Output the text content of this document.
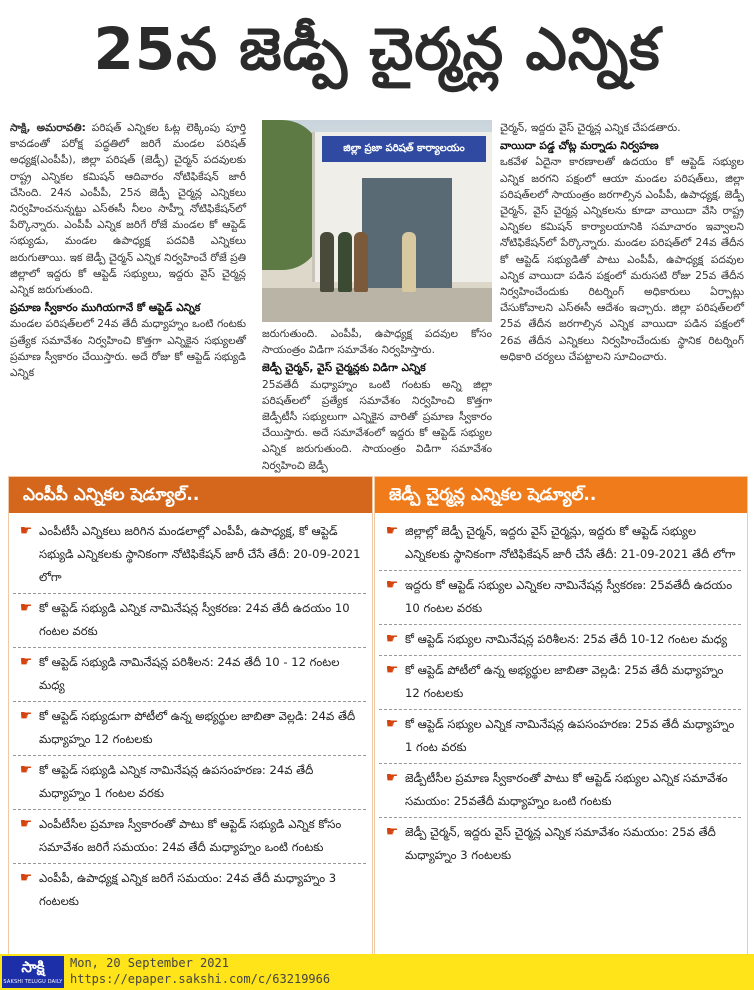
25న జెడ్పీ చైర్మన్ల ఎన్నిక

సాక్షి, అమరావతి: పరిషత్ ఎన్నికల ఓట్ల లెక్కింపు పూర్తి కావడంతో పరోక్ష పద్ధతిలో జరిగే మండల పరిషత్ అధ్యక్ష(ఎంపీపీ), జిల్లా పరిషత్ (జెడ్పీ) చైర్మన్ పదవులకు రాష్ట్ర ఎన్నికల కమిషన్ ఆదివారం నోటిఫికేషన్ జారీ చేసింది. 24న ఎంపీపీ, 25న జెడ్పీ చైర్మన్ల ఎన్నికలు నిర్వహించనున్నట్టు ఎస్ఈసీ నీలం సాహ్నీ నోటిఫికేషన్‌లో పేర్కొన్నారు. ఎంపీపీ ఎన్నిక జరిగే రోజే మండల కో ఆప్టెడ్ సభ్యుడు, మండల ఉపాధ్యక్ష పదవికి ఎన్నికలు జరుగుతాయి. ఇక జెడ్పీ చైర్మన్ ఎన్నిక నిర్వహించే రోజే ప్రతి జిల్లాలో ఇద్దరు కో ఆప్టెడ్ సభ్యులు, ఇద్దరు వైస్ చైర్మన్ల ఎన్నిక జరుగుతుంది.

ప్రమాణ స్వీకారం ముగియగానే కో ఆప్టెడ్ ఎన్నిక

మండల పరిషత్‌లలో 24వ తేదీ మధ్యాహ్నం ఒంటి గంటకు ప్రత్యేక సమావేశం నిర్వహించి కొత్తగా ఎన్నికైన సభ్యులతో ప్రమాణ స్వీకారం చేయిస్తారు. అదే రోజు కో ఆప్టెడ్ సభ్యుడి ఎన్నిక

జిల్లా ప్రజా పరిషత్ కార్యాలయం

జరుగుతుంది. ఎంపీపీ, ఉపాధ్యక్ష పదవుల కోసం సాయంత్రం విడిగా సమావేశం నిర్వహిస్తారు.

జెడ్పీ చైర్మన్, వైస్ చైర్మన్లకు విడిగా ఎన్నిక

25వతేదీ మధ్యాహ్నం ఒంటి గంటకు అన్ని జిల్లా పరిషత్‌లలో ప్రత్యేక సమావేశం నిర్వహించి కొత్తగా జెడ్పీటీసీ సభ్యులుగా ఎన్నికైన వారితో ప్రమాణ స్వీకారం చేయిస్తారు. అదే సమావేశంలో ఇద్దరు కో ఆప్టెడ్ సభ్యుల ఎన్నిక జరుగుతుంది. సాయంత్రం విడిగా సమావేశం నిర్వహించి జెడ్పీ

చైర్మన్, ఇద్దరు వైస్ చైర్మన్ల ఎన్నిక చేపడతారు.

వాయిదా పడ్డ చోట్ల మర్నాడు నిర్వహణ

ఒకవేళ ఏదైనా కారణాలతో ఉదయం కో ఆప్టెడ్ సభ్యుల ఎన్నిక జరగని పక్షంలో ఆయా మండల పరిషత్‌లు, జిల్లా పరిషత్‌లలో సాయంత్రం జరగాల్సిన ఎంపీపీ, ఉపాధ్యక్ష, జెడ్పీ చైర్మన్, వైస్ చైర్మన్ల ఎన్నికలను కూడా వాయిదా వేసి రాష్ట్ర ఎన్నికల కమిషన్ కార్యాలయానికి సమాచారం ఇవ్వాలని నోటిఫికేషన్‌లో పేర్కొన్నారు. మండల పరిషత్‌లో 24వ తేదీన కో ఆప్టెడ్ సభ్యుడితో పాటు ఎంపీపీ, ఉపాధ్యక్ష పదవుల ఎన్నిక వాయిదా పడిన పక్షంలో మరుసటి రోజు 25వ తేదీన నిర్వహించేందుకు రిటర్నింగ్ అధికారులు ఏర్పాట్లు చేసుకోవాలని ఎస్ఈసీ ఆదేశం ఇచ్చారు. జిల్లా పరిషత్‌లలో 25వ తేదీన జరగాల్సిన ఎన్నిక వాయిదా పడిన పక్షంలో 26వ తేదీన ఎన్నికలు నిర్వహించేందుకు స్థానిక రిటర్నింగ్ అధికారి చర్యలు చేపట్టాలని సూచించారు.

ఎంపీపీ ఎన్నికల షెడ్యూల్..
☛ ఎంపీటీసీ ఎన్నికలు జరిగిన మండలాల్లో ఎంపీపీ, ఉపాధ్యక్ష, కో ఆప్టెడ్ సభ్యుడి ఎన్నికలకు స్థానికంగా నోటిఫికేషన్ జారీ చేసే తేదీ: 20-09-2021 లోగా
☛ కో ఆప్టెడ్ సభ్యుడి ఎన్నిక నామినేషన్ల స్వీకరణ: 24వ తేదీ ఉదయం 10 గంటల వరకు
☛ కో ఆప్టెడ్ సభ్యుడి నామినేషన్ల పరిశీలన: 24వ తేదీ 10 - 12 గంటల మధ్య
☛ కో ఆప్టెడ్ సభ్యుడుగా పోటీలో ఉన్న అభ్యర్థుల జాబితా వెల్లడి: 24వ తేదీ మధ్యాహ్నం 12 గంటలకు
☛ కో ఆప్టెడ్ సభ్యుడి ఎన్నిక నామినేషన్ల ఉపసంహరణ: 24వ తేదీ మధ్యాహ్నం 1 గంటల వరకు
☛ ఎంపీటీసీల ప్రమాణ స్వీకారంతో పాటు కో ఆప్టెడ్ సభ్యుడి ఎన్నిక కోసం సమావేశం జరిగే సమయం: 24వ తేదీ మధ్యాహ్నం ఒంటి గంటకు
☛ ఎంపీపీ, ఉపాధ్యక్ష ఎన్నిక జరిగే సమయం: 24వ తేదీ మధ్యాహ్నం 3 గంటలకు
జెడ్పీ చైర్మన్ల ఎన్నికల షెడ్యూల్..
☛ జిల్లాల్లో జెడ్పీ చైర్మన్, ఇద్దరు వైస్ చైర్మన్లు, ఇద్దరు కో ఆప్టెడ్ సభ్యుల ఎన్నికలకు స్థానికంగా నోటిఫికేషన్ జారీ చేసే తేదీ: 21-09-2021 తేదీ లోగా
☛ ఇద్దరు కో ఆప్టెడ్ సభ్యుల ఎన్నికల నామినేషన్ల స్వీకరణ: 25వతేదీ ఉదయం 10 గంటల వరకు
☛ కో ఆప్టెడ్ సభ్యుల నామినేషన్ల పరిశీలన: 25వ తేదీ 10-12 గంటల మధ్య
☛ కో ఆప్టెడ్ పోటీలో ఉన్న అభ్యర్థుల జాబితా వెల్లడి: 25వ తేదీ మధ్యాహ్నం 12 గంటలకు
☛ కో ఆప్టెడ్ సభ్యుల ఎన్నిక నామినేషన్ల ఉపసంహరణ: 25వ తేదీ మధ్యాహ్నం 1 గంట వరకు
☛ జెడ్పీటీసీల ప్రమాణ స్వీకారంతో పాటు కో ఆప్టెడ్ సభ్యుల ఎన్నిక సమావేశం సమయం: 25వతేదీ మధ్యాహ్నం ఒంటి గంటకు
☛ జెడ్పీ చైర్మన్, ఇద్దరు వైస్ చైర్మన్ల ఎన్నిక సమావేశం సమయం: 25వ తేదీ మధ్యాహ్నం 3 గంటలకు
సాక్షి
SAKSHI TELUGU DAILY
Mon, 20 September 2021
https://epaper.sakshi.com/c/63219966
